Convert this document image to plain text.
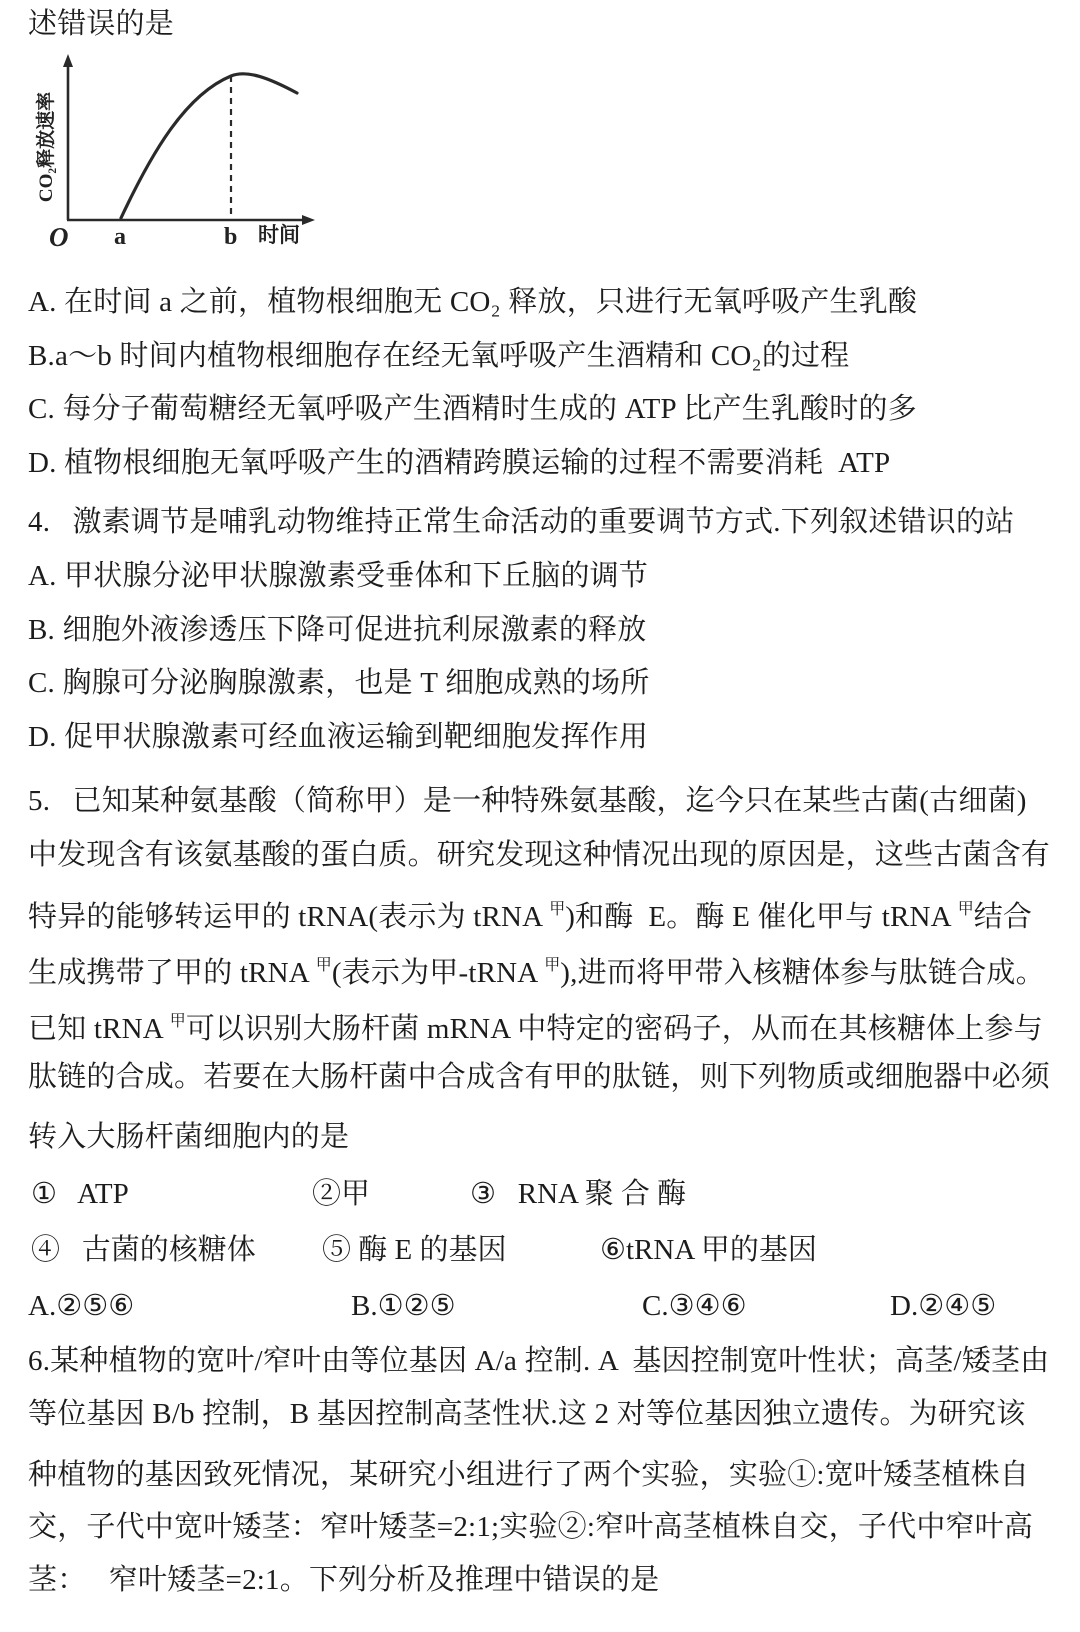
述错误的是
O a	b 时间
CO₂释放速率
A. 在时间 a 之前，植物根细胞无 CO₂ 释放，只进行无氧呼吸产生乳酸
B.a～b 时间内植物根细胞存在经无氧呼吸产生酒精和 CO₂的过程
C. 每分子葡萄糖经无氧呼吸产生酒精时生成的 ATP 比产生乳酸时的多
D. 植物根细胞无氧呼吸产生的酒精跨膜运输的过程不需要消耗  ATP
4.   激素调节是哺乳动物维持正常生命活动的重要调节方式.下列叙述错识的站
A. 甲状腺分泌甲状腺激素受垂体和下丘脑的调节
B. 细胞外液渗透压下降可促进抗利尿激素的释放
C. 胸腺可分泌胸腺激素，也是 T 细胞成熟的场所
D. 促甲状腺激素可经血液运输到靶细胞发挥作用
5.   已知某种氨基酸（简称甲）是一种特殊氨基酸，迄今只在某些古菌(古细菌)
中发现含有该氨基酸的蛋白质。研究发现这种情况出现的原因是，这些古菌含有
特异的能够转运甲的 tRNA(表示为 tRNA $^甲$)和酶  E。酶 E 催化甲与 tRNA $^甲$结合
生成携带了甲的 tRNA $^甲$(表示为甲-tRNA $^甲$),进而将甲带入核糖体参与肽链合成。
已知 tRNA $^甲$可以识别大肠杆菌 mRNA 中特定的密码子，从而在其核糖体上参与
肽链的合成。若要在大肠杆菌中合成含有甲的肽链，则下列物质或细胞器中必须
转入大肠杆菌细胞内的是
①   ATP	②甲	③   RNA 聚 合 酶
④   古菌的核糖体 ⑤ 酶 E 的基因	⑥tRNA 甲的基因
A.②⑤⑥	B.①②⑤	C.③④⑥	D.②④⑤
6.某种植物的宽叶/窄叶由等位基因 A/a 控制. A  基因控制宽叶性状；高茎/矮茎由
等位基因 B/b 控制，B 基因控制高茎性状.这 2 对等位基因独立遗传。为研究该
种植物的基因致死情况，某研究小组进行了两个实验，实验①:宽叶矮茎植株自
交，子代中宽叶矮茎：窄叶矮茎=2:1;实验②:窄叶高茎植株自交，子代中窄叶高
茎：   窄叶矮茎=2:1。下列分析及推理中错误的是
